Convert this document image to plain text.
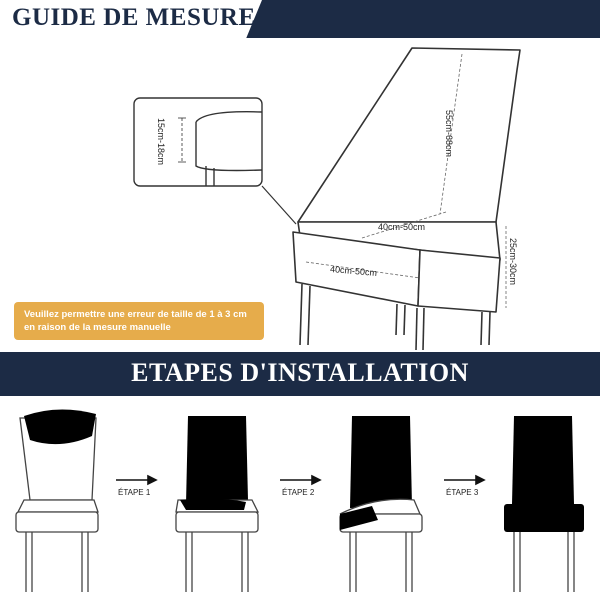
GUIDE DE MESURE
55cm-68cm
40cm-50cm
40cm-50cm	25cm-30cm
15cm-18cm
Veuillez permettre une erreur de taille de 1 à 3 cm
en raison de la mesure manuelle
ETAPES D'INSTALLATION
ÉTAPE 1	ÉTAPE 2	ÉTAPE 3
